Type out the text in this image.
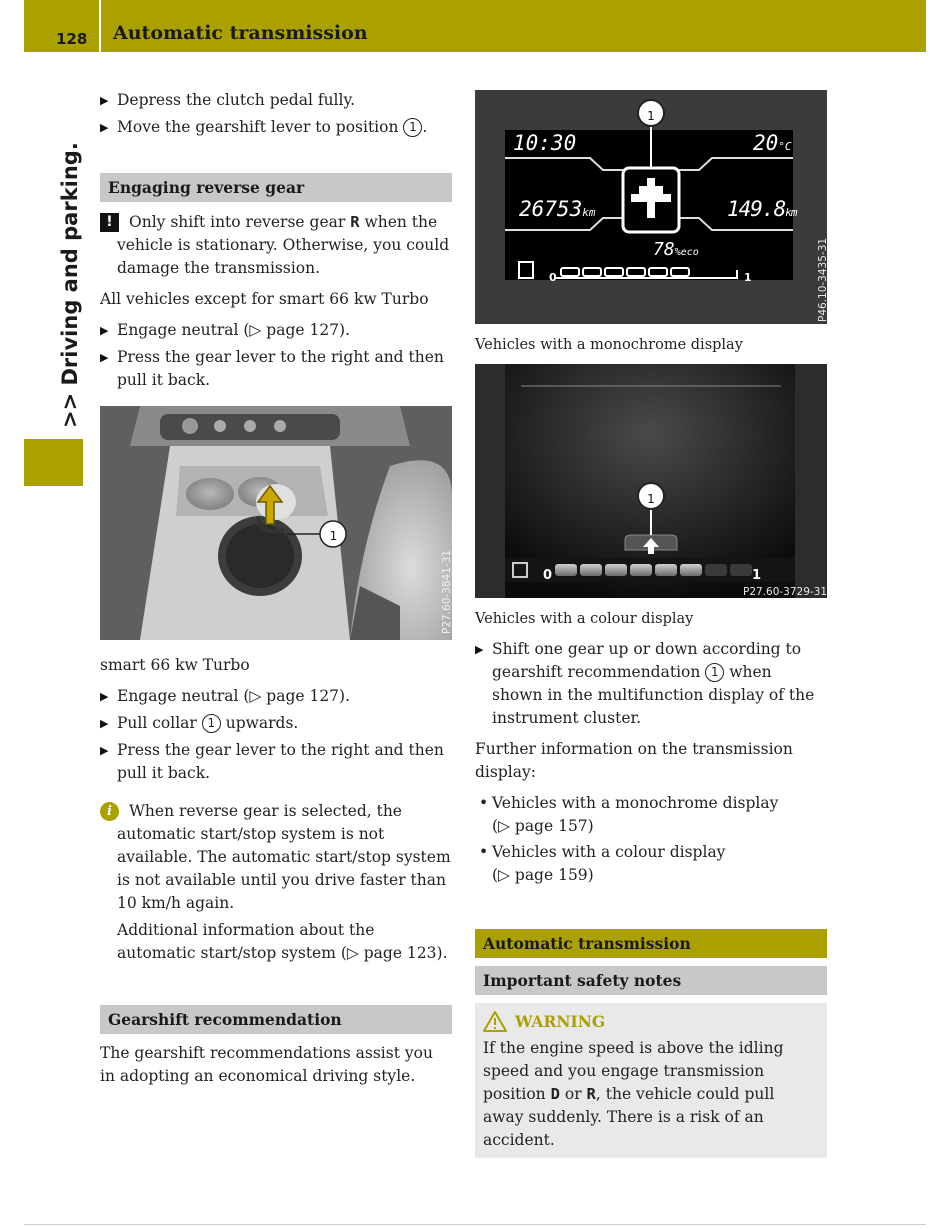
128 Automatic transmission
>> Driving and parking.
▶ Depress the clutch pedal fully.
▶ Move the gearshift lever to position 1 .
Engaging reverse gear
!	Only shift into reverse gear R when the vehicle is stationary. Otherwise, you could damage the transmission.
All vehicles except for smart 66 kw Turbo
▶ Engage neutral (▷ page 127).
▶ Press the gear lever to the right and then pull it back.
1
P27.60-3841-31
smart 66 kw Turbo
▶ Engage neutral (▷ page 127).
▶ Pull collar 1 upwards.
▶ Press the gear lever to the right and then pull it back.
i	When reverse gear is selected, the automatic start/stop system is not available. The automatic start/stop system is not available until you drive faster than 10 km/h again.
Additional information about the automatic start/stop system (▷ page 123).
Gearshift recommendation
The gearshift recommendations assist you in adopting an economical driving style.
1
10:30	20°C
26753km	149.8km
78%eco
0	1	P46.10-3435-31
Vehicles with a monochrome display
1
0	1
P27.60-3729-31
Vehicles with a colour display
▶ Shift one gear up or down according to gearshift recommendation 1 when shown in the multifunction display of the instrument cluster.
Further information on the transmission display:
• Vehicles with a monochrome display
(▷ page 157)
• Vehicles with a colour display
(▷ page 159)
Automatic transmission
Important safety notes
WARNING
If the engine speed is above the idling speed and you engage transmission position D or R, the vehicle could pull away suddenly. There is a risk of an accident.
